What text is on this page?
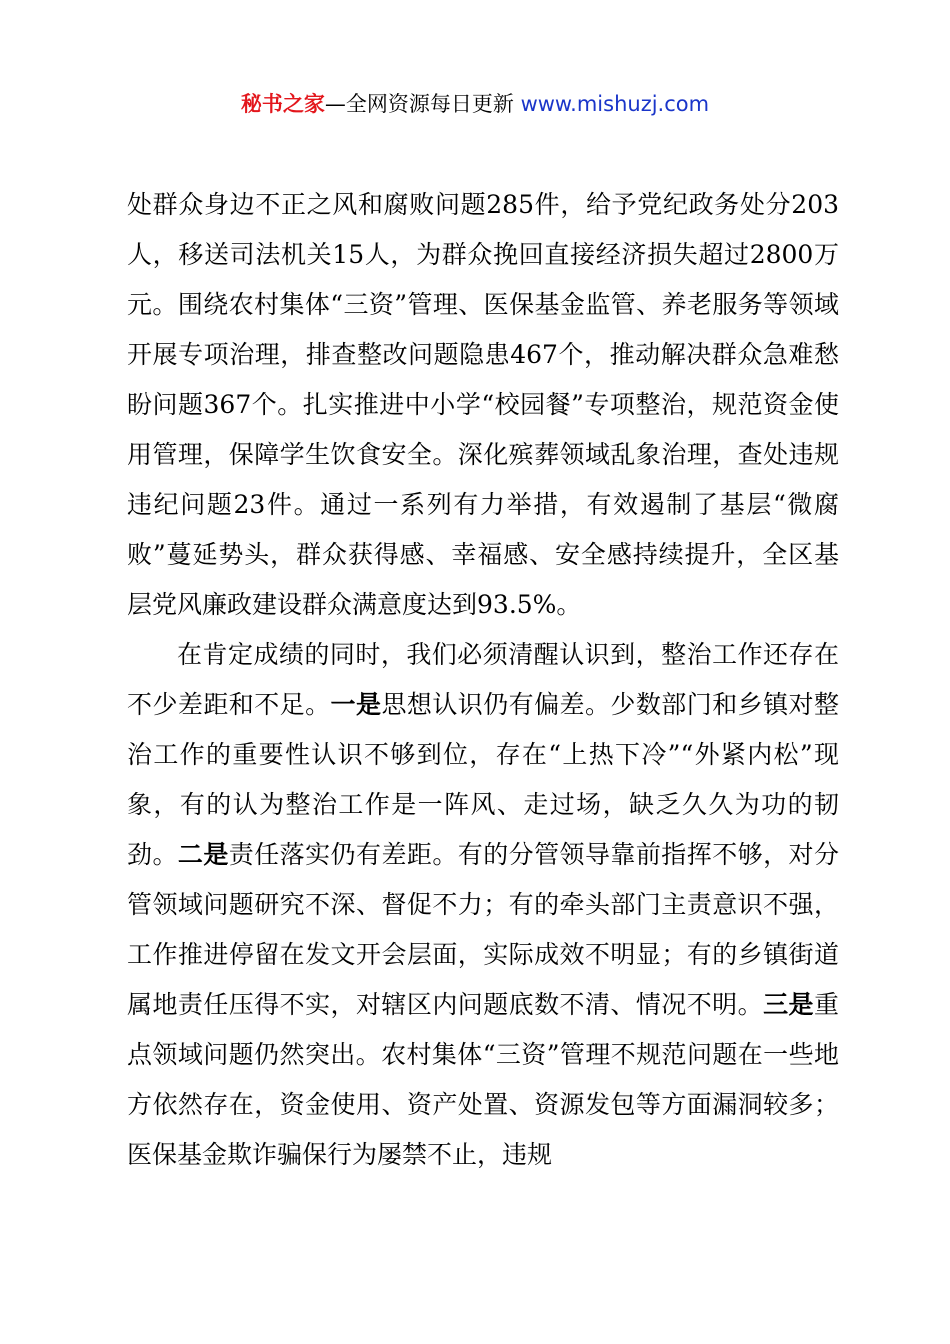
秘书之家—全网资源每日更新 www.mishuzj.com

处群众身边不正之风和腐败问题285件，给予党纪政务处分203人，移送司法机关15人，为群众挽回直接经济损失超过2800万元。围绕农村集体“三资”管理、医保基金监管、养老服务等领域开展专项治理，排查整改问题隐患467个，推动解决群众急难愁盼问题367个。扎实推进中小学“校园餐”专项整治，规范资金使用管理，保障学生饮食安全。深化殡葬领域乱象治理，查处违规违纪问题23件。通过一系列有力举措，有效遏制了基层“微腐败”蔓延势头，群众获得感、幸福感、安全感持续提升，全区基层党风廉政建设群众满意度达到93.5%。

在肯定成绩的同时，我们必须清醒认识到，整治工作还存在不少差距和不足。一是思想认识仍有偏差。少数部门和乡镇对整治工作的重要性认识不够到位，存在“上热下冷”“外紧内松”现象，有的认为整治工作是一阵风、走过场，缺乏久久为功的韧劲。二是责任落实仍有差距。有的分管领导靠前指挥不够，对分管领域问题研究不深、督促不力；有的牵头部门主责意识不强，工作推进停留在发文开会层面，实际成效不明显；有的乡镇街道属地责任压得不实，对辖区内问题底数不清、情况不明。三是重点领域问题仍然突出。农村集体“三资”管理不规范问题在一些地方依然存在，资金使用、资产处置、资源发包等方面漏洞较多；医保基金欺诈骗保行为屡禁不止，违规
